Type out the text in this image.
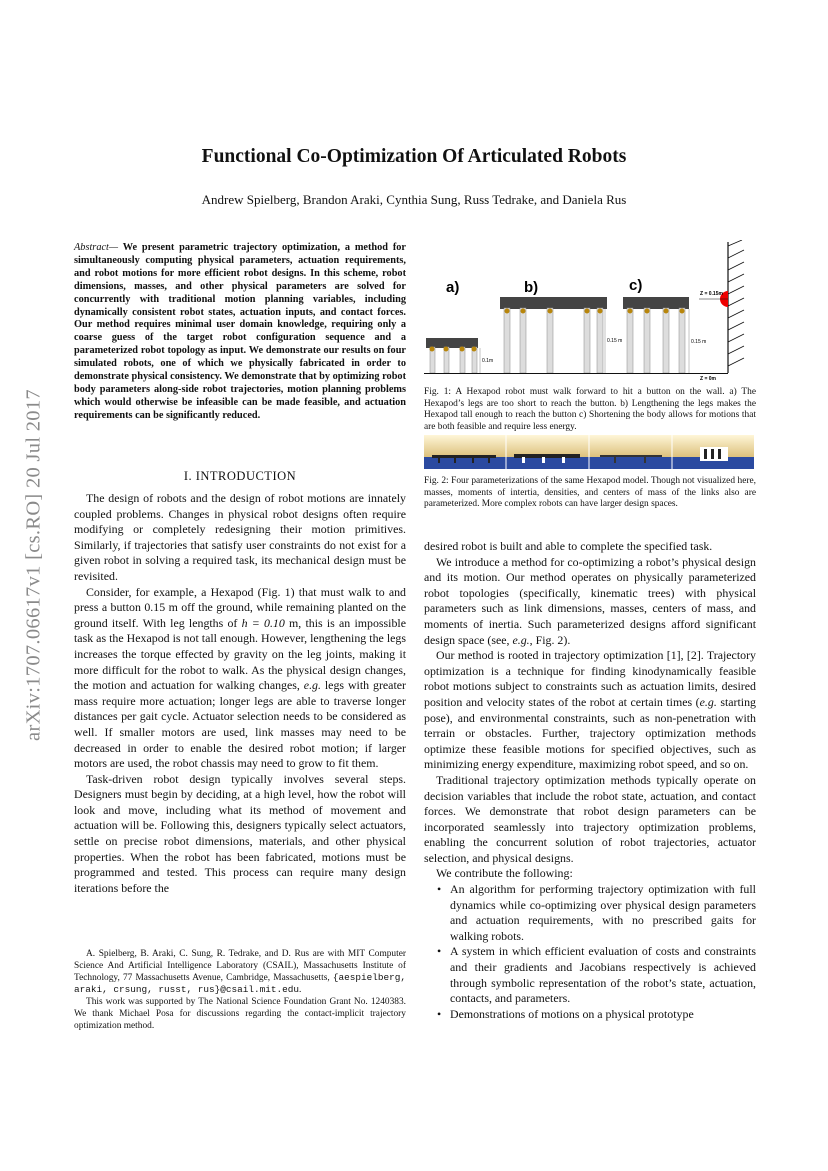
arXiv:1707.06617v1 [cs.RO] 20 Jul 2017
Functional Co-Optimization Of Articulated Robots
Andrew Spielberg, Brandon Araki, Cynthia Sung, Russ Tedrake, and Daniela Rus
Abstract— We present parametric trajectory optimization, a method for simultaneously computing physical parameters, actuation requirements, and robot motions for more efficient robot designs. In this scheme, robot dimensions, masses, and other physical parameters are solved for concurrently with traditional motion planning variables, including dynamically consistent robot states, actuation inputs, and contact forces. Our method requires minimal user domain knowledge, requiring only a coarse guess of the target robot configuration sequence and a parameterized robot topology as input. We demonstrate our results on four simulated robots, one of which we physically fabricated in order to demonstrate physical consistency. We demonstrate that by optimizing robot body parameters along-side robot trajectories, motion planning problems which would otherwise be infeasible can be made feasible, and actuation requirements can be significantly reduced.
I. INTRODUCTION

The design of robots and the design of robot motions are innately coupled problems. Changes in physical robot designs often require modifying or completely redesigning their motion primitives. Similarly, if trajectories that satisfy user constraints do not exist for a given robot in solving a required task, its mechanical design must be revisited.

Consider, for example, a Hexapod (Fig. 1) that must walk to and press a button 0.15 m off the ground, while remaining planted on the ground itself. With leg lengths of h = 0.10 m, this is an impossible task as the Hexapod is not tall enough. However, lengthening the legs increases the torque effected by gravity on the leg joints, making it more difficult for the robot to walk. As the physical design changes, the motion and actuation for walking changes, e.g. legs with greater mass require more actuation; longer legs are able to traverse longer distances per gait cycle. Actuator selection needs to be considered as well. If smaller motors are used, link masses may need to be decreased in order to enable the desired robot motion; if larger motors are used, the robot chassis may need to grow to fit them.

Task-driven robot design typically involves several steps. Designers must begin by deciding, at a high level, how the robot will look and move, including what its method of movement and actuation will be. Following this, designers typically select actuators, settle on precise robot dimensions, materials, and other physical properties. When the robot has been fabricated, motions must be programmed and tested. This process can require many design iterations before the

A. Spielberg, B. Araki, C. Sung, R. Tedrake, and D. Rus are with MIT Computer Science And Artificial Intelligence Laboratory (CSAIL), Massachusetts Institute of Technology, 77 Massachusetts Avenue, Cambridge, Massachusetts, {aespielberg, araki, crsung, russt, rus}@csail.mit.edu.

This work was supported by The National Science Foundation Grant No. 1240383. We thank Michael Posa for discussions regarding the contact-implicit trajectory optimization method.

a)
0.1m
b)
0.15 m
c)
0.15 m
Z = 0.15m
Z = 0m
Fig. 1: A Hexapod robot must walk forward to hit a button on the wall. a) The Hexapod’s legs are too short to reach the button. b) Lengthening the legs makes the Hexapod tall enough to reach the button c) Shortening the body allows for motions that are both feasible and require less energy.
Fig. 2: Four parameterizations of the same Hexapod model. Though not visualized here, masses, moments of intertia, densities, and centers of mass of the links also are parameterized. More complex robots can have larger design spaces.

desired robot is built and able to complete the specified task.

We introduce a method for co-optimizing a robot’s physical design and its motion. Our method operates on physically parameterized robot topologies (specifically, kinematic trees) with physical parameters such as link dimensions, masses, centers of mass, and moments of inertia. Such parameterized designs afford significant design space (see, e.g., Fig. 2).

Our method is rooted in trajectory optimization [1], [2]. Trajectory optimization is a technique for finding kinodynamically feasible robot motions subject to constraints such as actuation limits, desired position and velocity states of the robot at certain times (e.g. starting pose), and environmental constraints, such as non-penetration with terrain or obstacles. Further, trajectory optimization methods optimize these feasible motions for specified objectives, such as minimizing energy expenditure, maximizing robot speed, and so on.

Traditional trajectory optimization methods typically operate on decision variables that include the robot state, actuation, and contact forces. We demonstrate that robot design parameters can be incorporated seamlessly into trajectory optimization problems, enabling the concurrent solution of robot trajectories, actuator selection, and physical designs.

We contribute the following:

• An algorithm for performing trajectory optimization with full dynamics while co-optimizing over physical design parameters and actuation requirements, with no prescribed gaits for walking robots.
• A system in which efficient evaluation of costs and constraints and their gradients and Jacobians respectively is achieved through symbolic representation of the robot’s state, actuation, contacts, and parameters.
• Demonstrations of motions on a physical prototype
